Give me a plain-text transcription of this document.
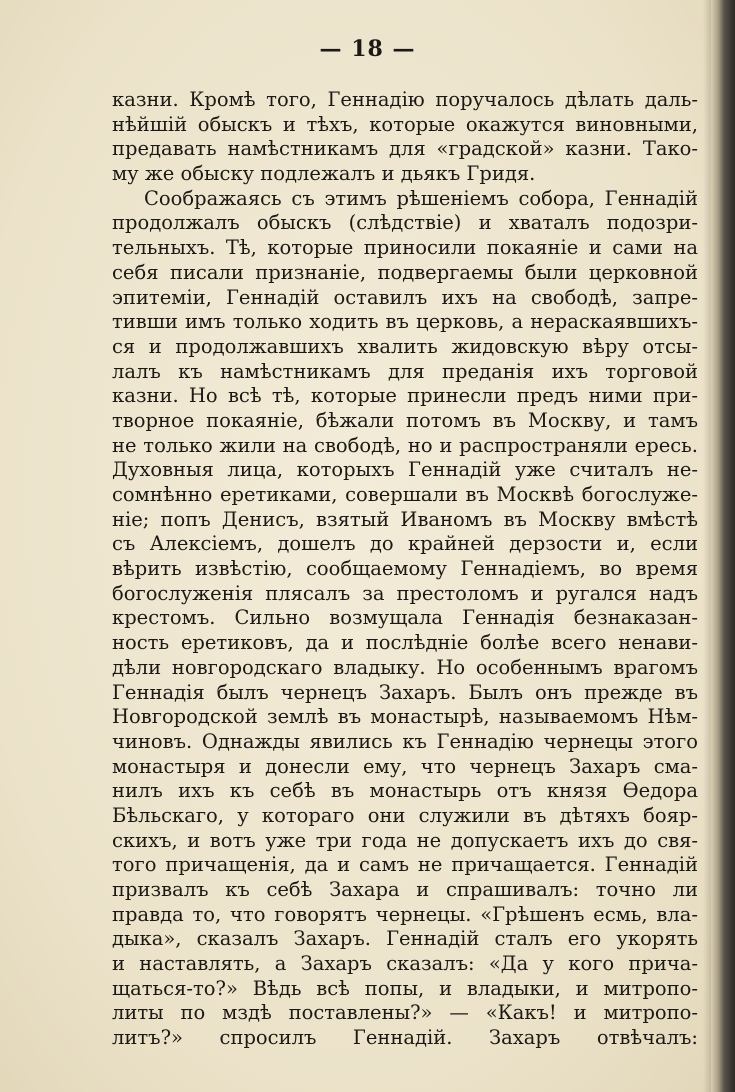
— 18 —
казни. Кромѣ того, Геннадію поручалось дѣлать даль-
нѣйшій обыскъ и тѣхъ, которые окажутся виновными,
предавать намѣстникамъ для «градской» казни. Тако-
му же обыску подлежалъ и дьякъ Гридя.
Соображаясь съ этимъ рѣшеніемъ собора, Геннадій
продолжалъ обыскъ (слѣдствіе) и хваталъ подозри-
тельныхъ. Тѣ, которые приносили покаяніе и сами на
себя писали признаніе, подвергаемы были церковной
эпитеміи, Геннадій оставилъ ихъ на свободѣ, запре-
тивши имъ только ходить въ церковь, а нераскаявшихъ-
ся и продолжавшихъ хвалить жидовскую вѣру отсы-
лалъ къ намѣстникамъ для преданія ихъ торговой
казни. Но всѣ тѣ, которые принесли предъ ними при-
творное покаяніе, бѣжали потомъ въ Москву, и тамъ
не только жили на свободѣ, но и распространяли ересь.
Духовныя лица, которыхъ Геннадій уже считалъ не-
сомнѣнно еретиками, совершали въ Москвѣ богослуже-
ніе; попъ Денисъ, взятый Иваномъ въ Москву вмѣстѣ
съ Алексіемъ, дошелъ до крайней дерзости и, если
вѣрить извѣстію, сообщаемому Геннадіемъ, во время
богослуженія плясалъ за престоломъ и ругался надъ
крестомъ. Сильно возмущала Геннадія безнаказан-
ность еретиковъ, да и послѣдніе болѣе всего ненави-
дѣли новгородскаго владыку. Но особеннымъ врагомъ
Геннадія былъ чернецъ Захаръ. Былъ онъ прежде въ
Новгородской землѣ въ монастырѣ, называемомъ Нѣм-
чиновъ. Однажды явились къ Геннадію чернецы этого
монастыря и донесли ему, что чернецъ Захаръ сма-
нилъ ихъ къ себѣ въ монастырь отъ князя Ѳедора
Бѣльскаго, у котораго они служили въ дѣтяхъ бояр-
скихъ, и вотъ уже три года не допускаетъ ихъ до свя-
того причащенія, да и самъ не причащается. Геннадій
призвалъ къ себѣ Захара и спрашивалъ: точно ли
правда то, что говорятъ чернецы. «Грѣшенъ есмь, вла-
дыка», сказалъ Захаръ. Геннадій сталъ его укорять
и наставлять, а Захаръ сказалъ: «Да у кого прича-
щаться-то?» Вѣдь всѣ попы, и владыки, и митропо-
литы по мздѣ поставлены?» — «Какъ! и митропо-
литъ?» спросилъ Геннадій. Захаръ отвѣчалъ:
